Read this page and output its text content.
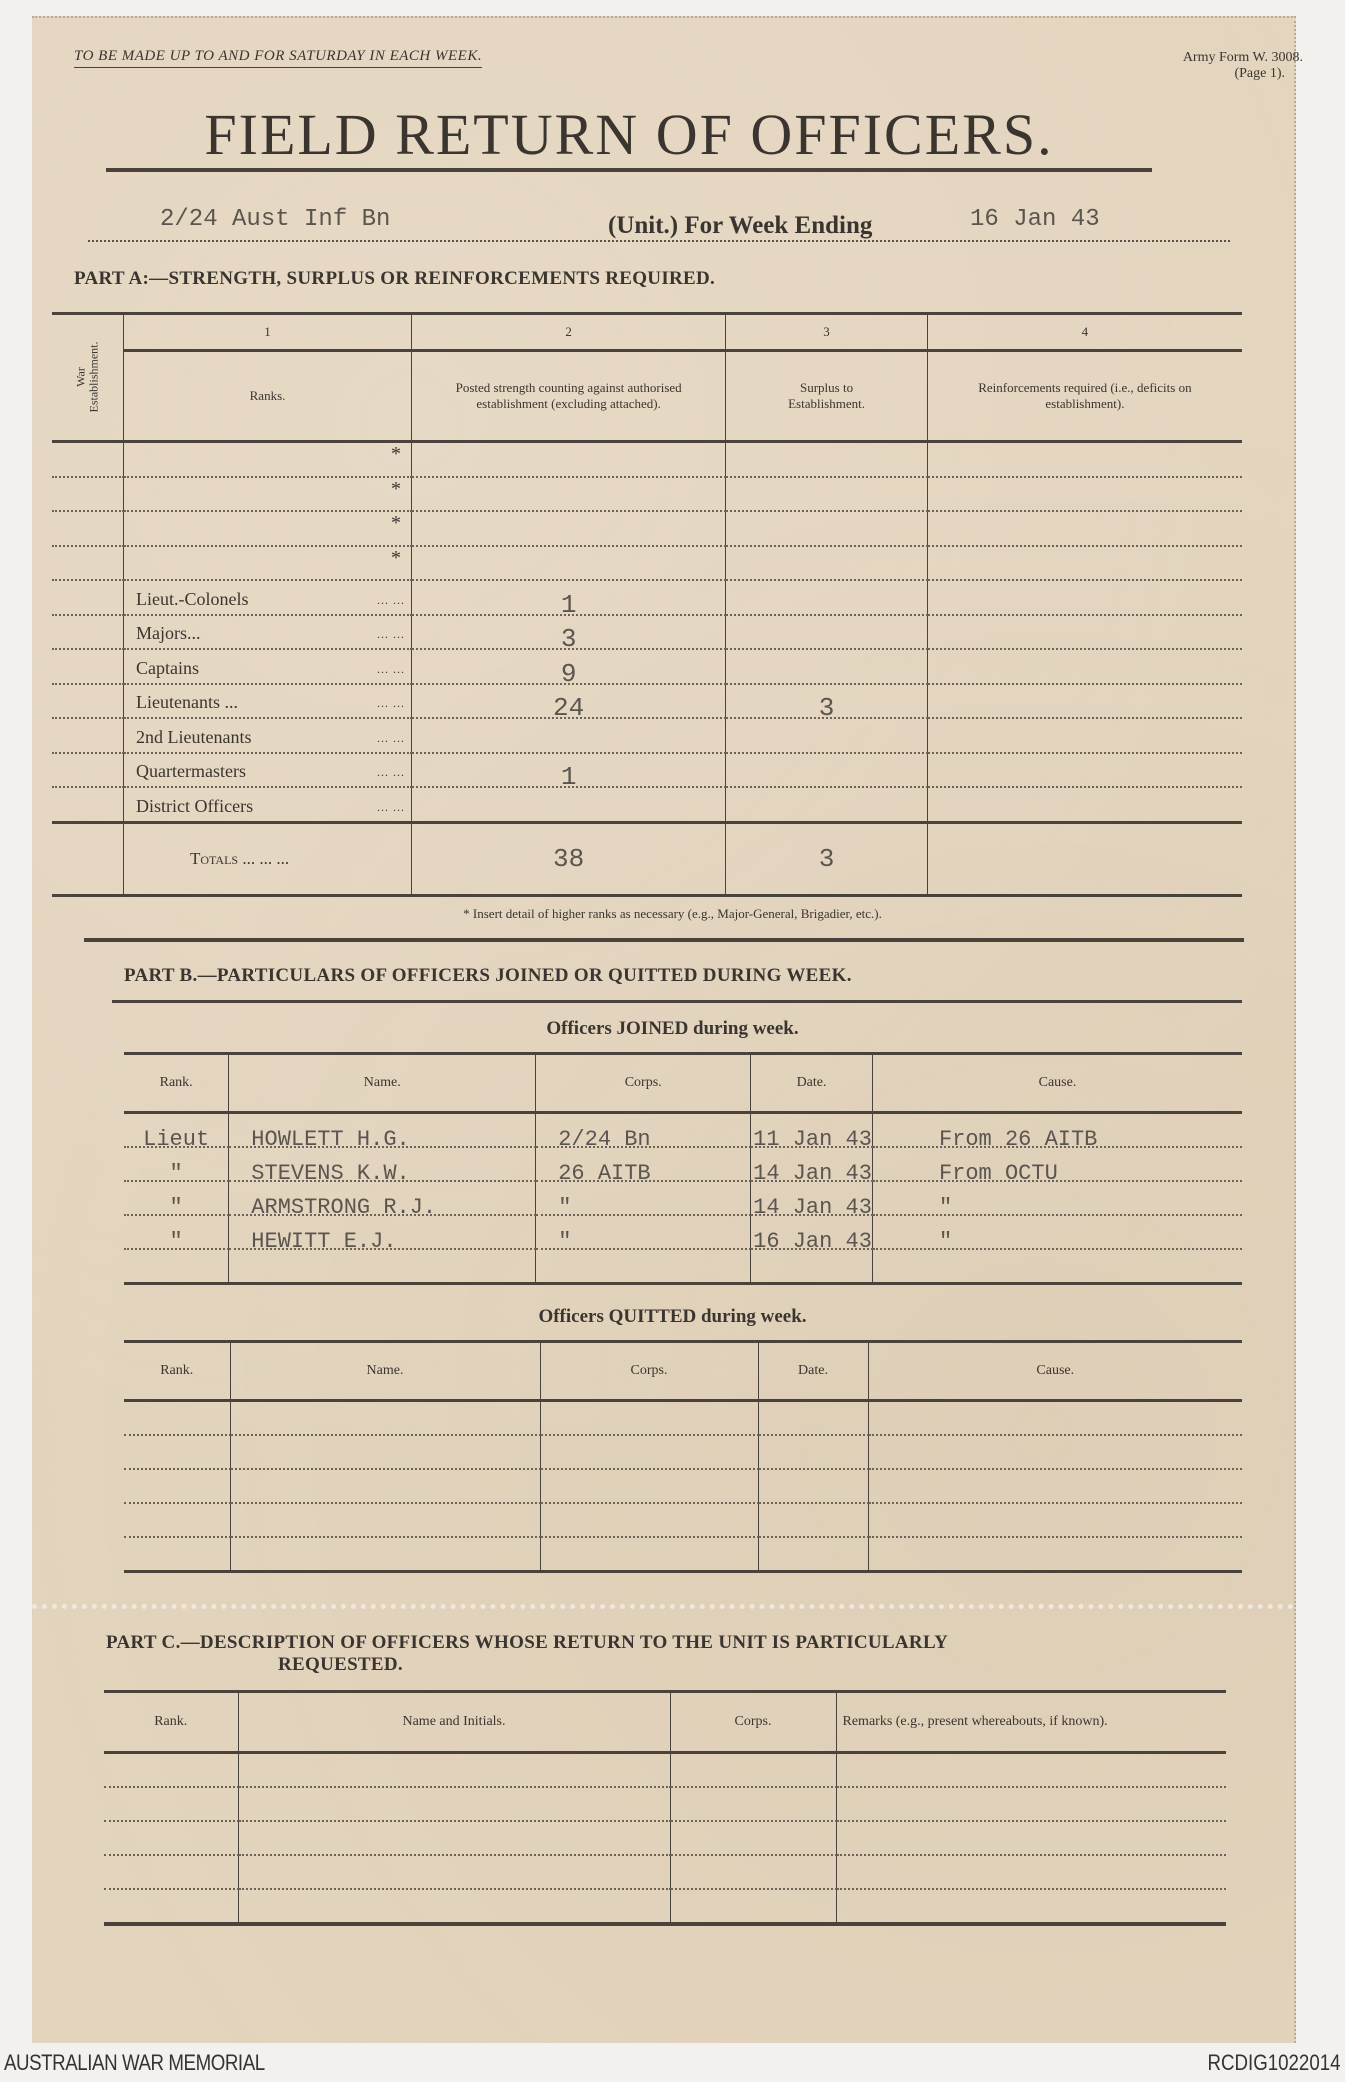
TO BE MADE UP TO AND FOR SATURDAY IN EACH WEEK.	Army Form W. 3008.
(Page 1).
FIELD RETURN OF OFFICERS.
2/24 Aust Inf Bn	(Unit.) For Week Ending	16 Jan 43
PART A:—STRENGTH, SURPLUS OR REINFORCEMENTS REQUIRED.
War
Establishment.	1	2	3	4
	Ranks.	Posted strength counting against authorised establishment (excluding attached).	Surplus to Establishment.	Reinforcements required (i.e., deficits on establishment).

	*			

	*			

	*			

	*			

	Lieut.-Colonels ... ...	1		
	Majors... ... ...	3		
	Captains ... ...	9		
	Lieutenants ... ... ...	24	3	
	2nd Lieutenants ... ...			

	Quartermasters ... ...	1		
	District Officers ... ...			

	Totals ... ... ...	38	3	
* Insert detail of higher ranks as necessary (e.g., Major-General, Brigadier, etc.).
PART B.—PARTICULARS OF OFFICERS JOINED OR QUITTED DURING WEEK.
Officers JOINED during week.
Rank.	Name.	Corps.	Date.	Cause.
Lieut	HOWLETT H.G.	2/24 Bn	11 Jan 43	From 26 AITB
"	STEVENS K.W.	26 AITB	14 Jan 43	From OCTU
"	ARMSTRONG R.J.	"	14 Jan 43	"
"	HEWITT E.J.	"	16 Jan 43	"

Officers QUITTED during week.
Rank.	Name.	Corps.	Date.	Cause.

PART C.—DESCRIPTION OF OFFICERS WHOSE RETURN TO THE UNIT IS PARTICULARLY
REQUESTED.
Rank.	Name and Initials.	Corps.	Remarks (e.g., present whereabouts, if known).

AUSTRALIAN WAR MEMORIAL	RCDIG1022014
